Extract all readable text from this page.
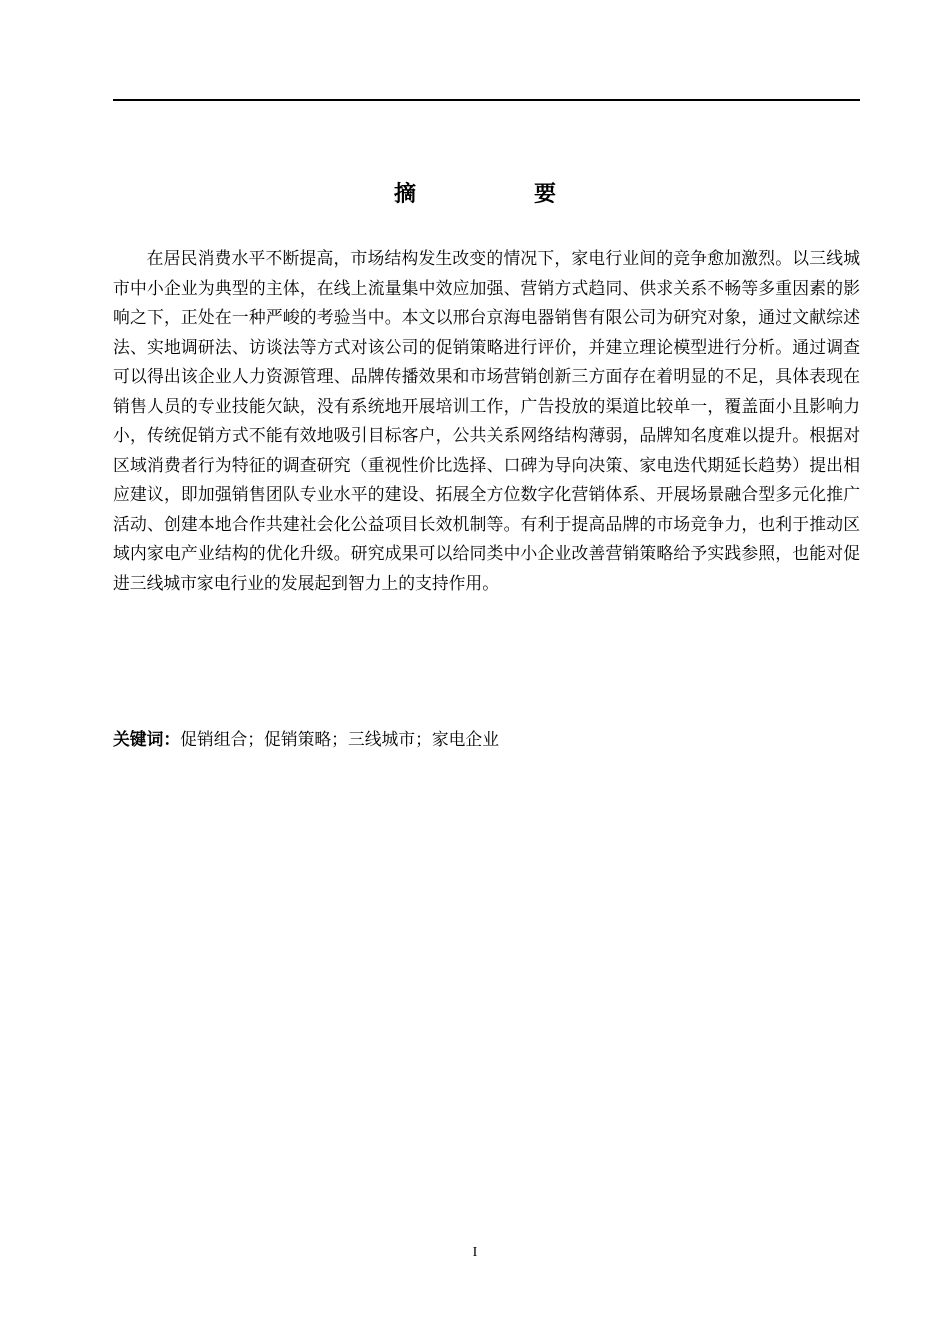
摘　要

在居民消费水平不断提高，市场结构发生改变的情况下，家电行业间的竞争愈加激烈。以三线城市中小企业为典型的主体，在线上流量集中效应加强、营销方式趋同、供求关系不畅等多重因素的影响之下，正处在一种严峻的考验当中。本文以邢台京海电器销售有限公司为研究对象，通过文献综述法、实地调研法、访谈法等方式对该公司的促销策略进行评价，并建立理论模型进行分析。通过调查可以得出该企业人力资源管理、品牌传播效果和市场营销创新三方面存在着明显的不足，具体表现在销售人员的专业技能欠缺，没有系统地开展培训工作，广告投放的渠道比较单一，覆盖面小且影响力小，传统促销方式不能有效地吸引目标客户，公共关系网络结构薄弱，品牌知名度难以提升。根据对区域消费者行为特征的调查研究（重视性价比选择、口碑为导向决策、家电迭代期延长趋势）提出相应建议，即加强销售团队专业水平的建设、拓展全方位数字化营销体系、开展场景融合型多元化推广活动、创建本地合作共建社会化公益项目长效机制等。有利于提高品牌的市场竞争力，也利于推动区域内家电产业结构的优化升级。研究成果可以给同类中小企业改善营销策略给予实践参照，也能对促进三线城市家电行业的发展起到智力上的支持作用。

关键词：促销组合；促销策略；三线城市；家电企业
I
